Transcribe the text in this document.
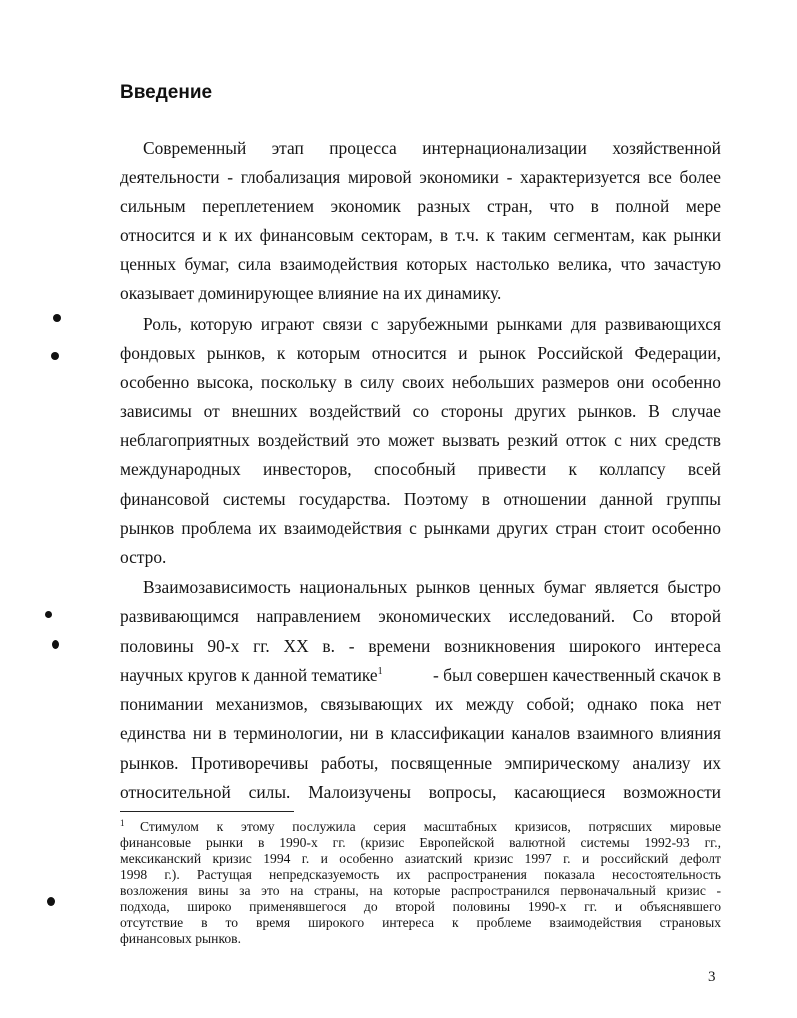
Введение
Современный этап процесса интернационализации хозяйственной
деятельности - глобализация мировой экономики - характеризуется все более
сильным переплетением экономик разных стран, что в полной мере
относится и к их финансовым секторам, в т.ч. к таким сегментам, как рынки
ценных бумаг, сила взаимодействия которых настолько велика, что зачастую
оказывает доминирующее влияние на их динамику.
Роль, которую играют связи с зарубежными рынками для развивающихся
фондовых рынков, к которым относится и рынок Российской Федерации,
особенно высока, поскольку в силу своих небольших размеров они особенно
зависимы от внешних воздействий со стороны других рынков. В случае
неблагоприятных воздействий это может вызвать резкий отток с них средств
международных инвесторов, способный привести к коллапсу всей
финансовой системы государства. Поэтому в отношении данной группы
рынков проблема их взаимодействия с рынками других стран стоит особенно
остро.
Взаимозависимость национальных рынков ценных бумаг является быстро
развивающимся направлением экономических исследований. Со второй
половины 90-х гг. XX в. - времени возникновения широкого интереса
научных кругов к данной тематике$^1$	- был совершен качественный скачок в
понимании механизмов, связывающих их между собой; однако пока нет
единства ни в терминологии, ни в классификации каналов взаимного влияния
рынков. Противоречивы работы, посвященные эмпирическому анализу их
относительной силы. Малоизучены вопросы, касающиеся возможности
$^1$	Стимулом к этому послужила серия масштабных кризисов, потрясших мировые
финансовые рынки в 1990-х гг. (кризис Европейской валютной системы 1992-93 гг.,
мексиканский кризис 1994 г. и особенно азиатский кризис 1997 г. и российский дефолт
1998 г.). Растущая непредсказуемость их распространения показала несостоятельность
возложения вины за это на страны, на которые распространился первоначальный кризис -
подхода, широко применявшегося до второй половины 1990-х гг. и объяснявшего
отсутствие в то время широкого интереса к проблеме взаимодействия страновых
финансовых рынков.
3
